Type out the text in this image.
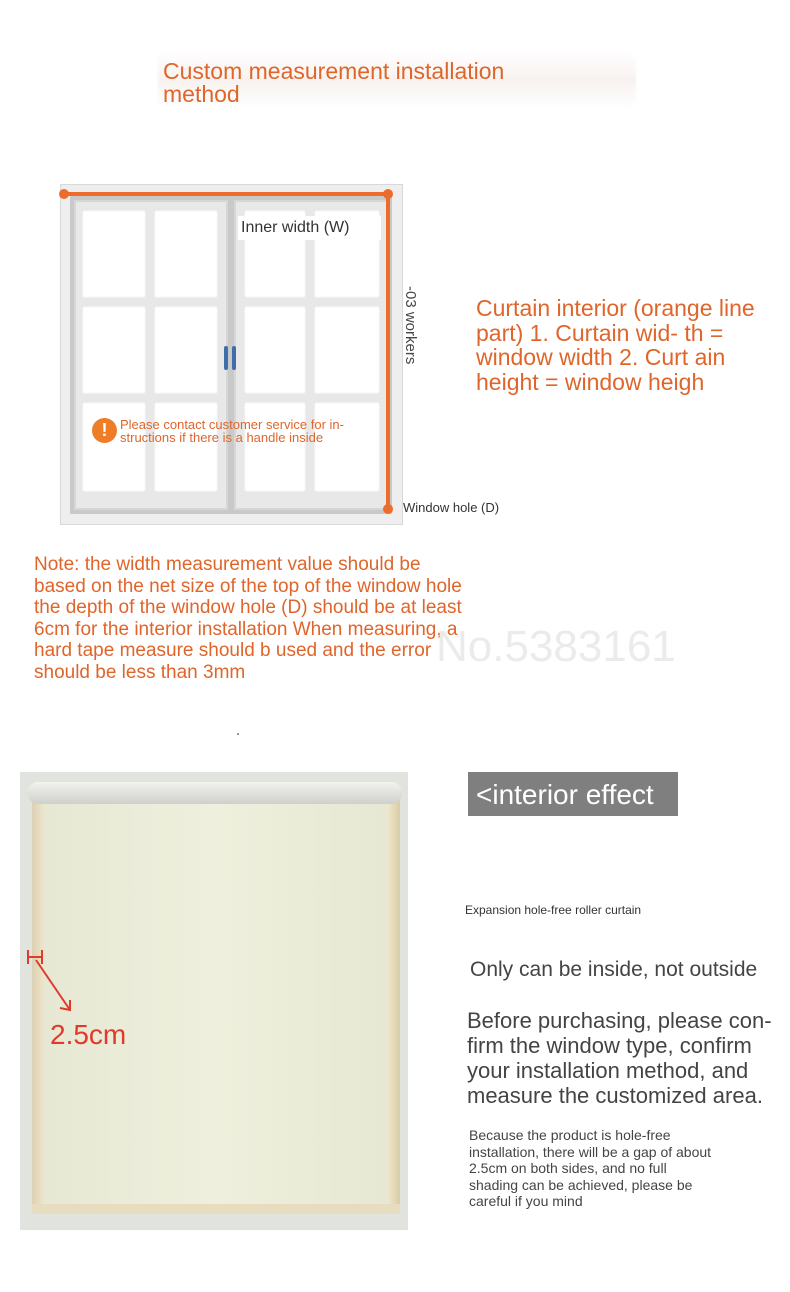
Custom measurement installation method
Inner width (W)
-03 workers
! Please contact customer service for in- structions if there is a handle inside
Window hole (D)
Curtain interior (orange line part) 1. Curtain wid- th = window width 2. Curt ain height = window heigh
Note: the width measurement value should be based on the net size of the top of the window hole the depth of the window hole (D) should be at least 6cm for the interior installation When measuring, a hard tape measure should b used and the error should be less than 3mm
No.5383161
2.5cm
<interior effect
Expansion hole-free roller curtain
Only can be inside, not outside
Before purchasing, please con- firm the window type, confirm your installation method, and measure the customized area.
Because the product is hole-free installation, there will be a gap of about 2.5cm on both sides, and no full shading can be achieved, please be careful if you mind
